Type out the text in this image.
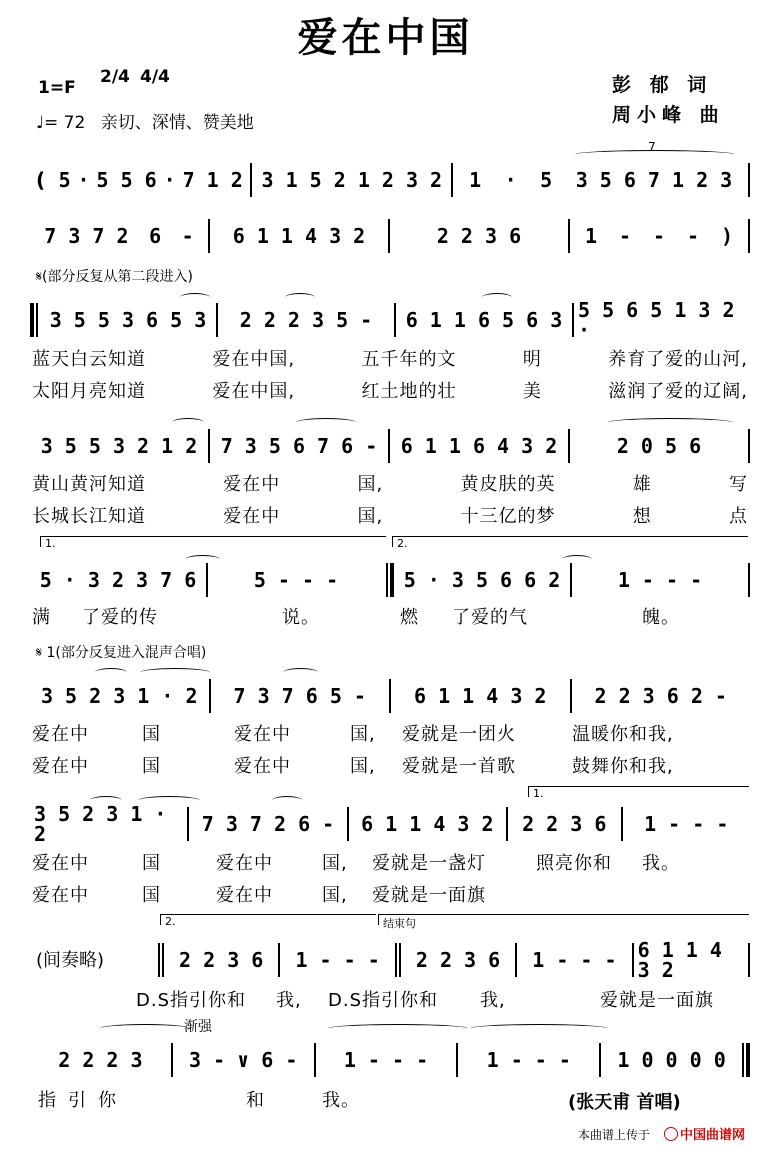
爱在中国
1=F
2/4 4/4
♩= 72 亲切、深情、赞美地
彭 郁 词
周小峰 曲
7
( 5 · 5 5 6 · 7 1 2 3 1 5 2 1 2 3 2 1 · 5 3 5 6 7 1 2 3
7 3 7 2 6 - 6 1 1 4 3 2	2 2 3 6	1 - - - )
𝄋(部分反复从第二段进入)
3 5 5 3 6 5 3 2 2 2 3 5 - 6 1 1 6 5 6 3 5 5 6 5 1 3 2 ·
蓝天白云知道	爱在中国,	五千年的文	明	养育了爱的山河,
太阳月亮知道	爱在中国,	红土地的壮	美	滋润了爱的辽阔,
3 5 5 3 2 1 2 7 3 5 6 7 6 - 6 1 1 6 4 3 2	2 0 5 6
黄山黄河知道	爱在中	国,	黄皮肤的英	雄	写
长城长江知道	爱在中	国,	十三亿的梦	想	点
1.	2.
5 · 3 2 3 7 6	5 - - -	5 · 3 5 6 6 2	1 - - -
满 了爱的传	说。	燃 了爱的气	魄。
𝄋 1(部分反复进入混声合唱)
3 5 2 3 1 · 2 7 3 7 6 5 - 6 1 1 4 3 2 2 2 3 6 2 -
爱在中	国	爱在中	国, 爱就是一团火	温暖你和我,
爱在中	国	爱在中	国, 爱就是一首歌	鼓舞你和我,
1.
3 5 2 3 1 · 2	7 3 7 2 6 - 6 1 1 4 3 2 2 2 3 6 1 - - -
爱在中	国	爱在中	国, 爱就是一盏灯	照亮你和 我。
爱在中	国	爱在中	国, 爱就是一面旗
2.	结束句
(间奏略)	2 2 3 6 1 - - - 2 2 3 6 1 - - - 6 1 1 4 3 2
D.S指引你和 我, D.S指引你和 我,	爱就是一面旗
渐强
2 2 2 3 3 - ∨ 6 - 1 - - -	1 - - - 1 0 0 0 0
指引你	和	我。	(张天甫 首唱)
本曲谱上传于	中国曲谱网
